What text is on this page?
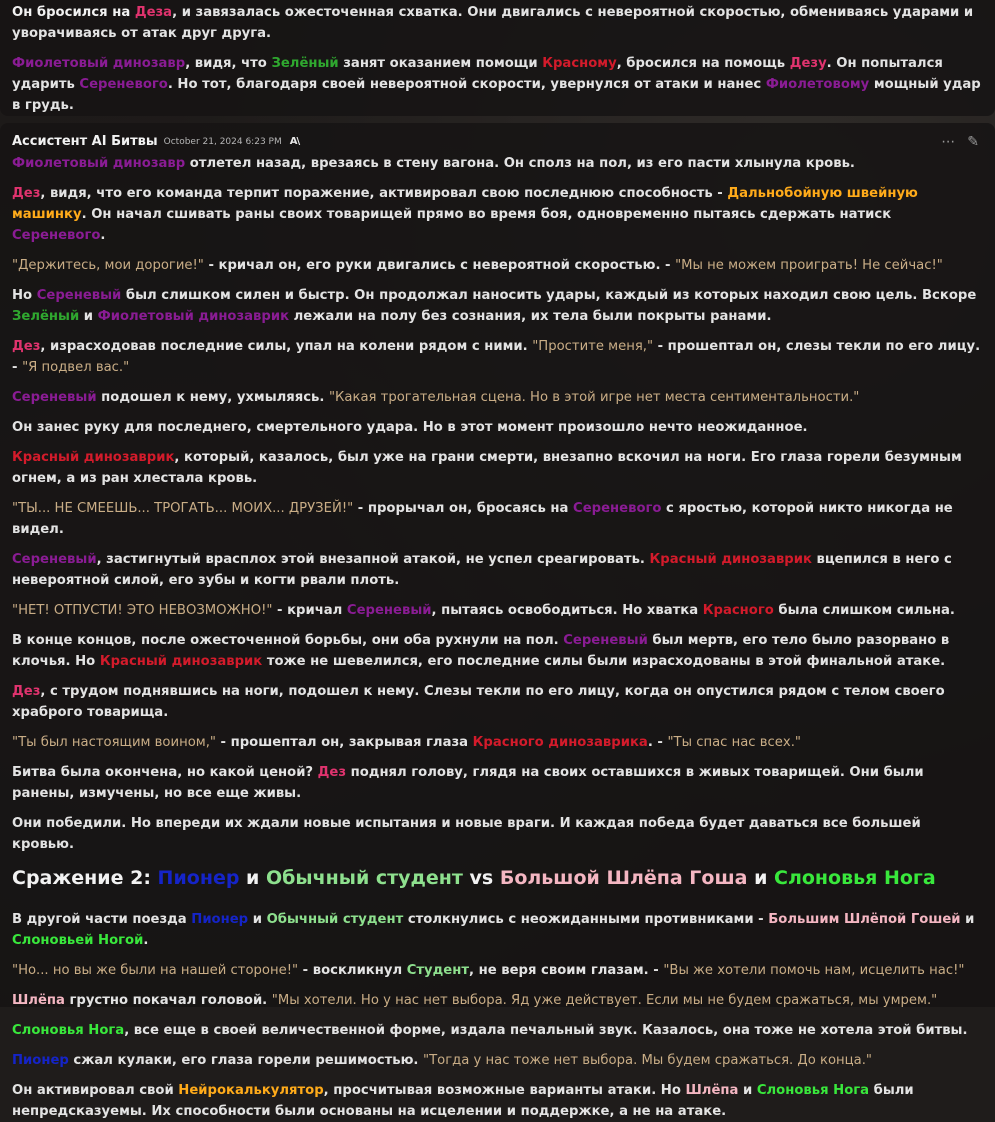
Он бросился на Деза, и завязалась ожесточенная схватка. Они двигались с невероятной скоростью, обмениваясь ударами и уворачиваясь от атак друг друга.

Фиолетовый динозавр, видя, что Зелёный занят оказанием помощи Красному, бросился на помощь Дезу. Он попытался ударить Сереневого. Но тот, благодаря своей невероятной скорости, увернулся от атаки и нанес Фиолетовому мощный удар в грудь.

Ассистент AI Битвы October 21, 2024 6:23 PM A\	⋯ ✎

Фиолетовый динозавр отлетел назад, врезаясь в стену вагона. Он сполз на пол, из его пасти хлынула кровь.

Дез, видя, что его команда терпит поражение, активировал свою последнюю способность - Дальнобойную швейную машинку. Он начал сшивать раны своих товарищей прямо во время боя, одновременно пытаясь сдержать натиск Сереневого.

"Держитесь, мои дорогие!" - кричал он, его руки двигались с невероятной скоростью. - "Мы не можем проиграть! Не сейчас!"

Но Сереневый был слишком силен и быстр. Он продолжал наносить удары, каждый из которых находил свою цель. Вскоре Зелёный и Фиолетовый динозаврик лежали на полу без сознания, их тела были покрыты ранами.

Дез, израсходовав последние силы, упал на колени рядом с ними. "Простите меня," - прошептал он, слезы текли по его лицу. - "Я подвел вас."

Сереневый подошел к нему, ухмыляясь. "Какая трогательная сцена. Но в этой игре нет места сентиментальности."

Он занес руку для последнего, смертельного удара. Но в этот момент произошло нечто неожиданное.

Красный динозаврик, который, казалось, был уже на грани смерти, внезапно вскочил на ноги. Его глаза горели безумным огнем, а из ран хлестала кровь.

"ТЫ... НЕ СМЕЕШЬ... ТРОГАТЬ... МОИХ... ДРУЗЕЙ!" - прорычал он, бросаясь на Сереневого с яростью, которой никто никогда не видел.

Сереневый, застигнутый врасплох этой внезапной атакой, не успел среагировать. Красный динозаврик вцепился в него с невероятной силой, его зубы и когти рвали плоть.

"НЕТ! ОТПУСТИ! ЭТО НЕВОЗМОЖНО!" - кричал Сереневый, пытаясь освободиться. Но хватка Красного была слишком сильна.

В конце концов, после ожесточенной борьбы, они оба рухнули на пол. Сереневый был мертв, его тело было разорвано в клочья. Но Красный динозаврик тоже не шевелился, его последние силы были израсходованы в этой финальной атаке.

Дез, с трудом поднявшись на ноги, подошел к нему. Слезы текли по его лицу, когда он опустился рядом с телом своего храброго товарища.

"Ты был настоящим воином," - прошептал он, закрывая глаза Красного динозаврика. - "Ты спас нас всех."

Битва была окончена, но какой ценой? Дез поднял голову, глядя на своих оставшихся в живых товарищей. Они были ранены, измучены, но все еще живы.

Они победили. Но впереди их ждали новые испытания и новые враги. И каждая победа будет даваться все большей кровью.

Сражение 2: Пионер и Обычный студент vs Большой Шлёпа Гоша и Слоновья Нога

В другой части поезда Пионер и Обычный студент столкнулись с неожиданными противниками - Большим Шлёпой Гошей и Слоновьей Ногой.

"Но... но вы же были на нашей стороне!" - воскликнул Студент, не веря своим глазам. - "Вы же хотели помочь нам, исцелить нас!"

Шлёпа грустно покачал головой. "Мы хотели. Но у нас нет выбора. Яд уже действует. Если мы не будем сражаться, мы умрем."

Слоновья Нога, все еще в своей величественной форме, издала печальный звук. Казалось, она тоже не хотела этой битвы.

Пионер сжал кулаки, его глаза горели решимостью. "Тогда у нас тоже нет выбора. Мы будем сражаться. До конца."

Он активировал свой Нейрокалькулятор, просчитывая возможные варианты атаки. Но Шлёпа и Слоновья Нога были непредсказуемы. Их способности были основаны на исцелении и поддержке, а не на атаке.
